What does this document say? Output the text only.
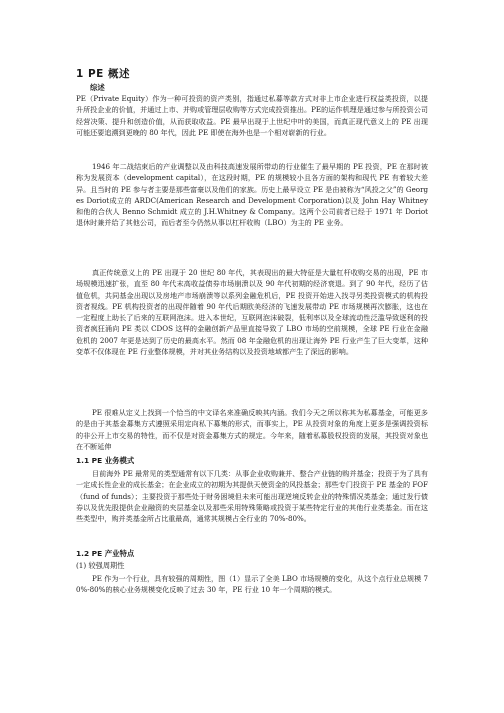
1 PE 概述
综述
PE（Private Equity）作为一种可投资的资产类别，指通过私募等款方式对非上市企业进行权益类投资，以提升所投企业的价值，并通过上市、并购或管理层收购等方式完成投资推出。PE的运作机理是通过参与所投资公司经营决策、提升和创造价值，从而获取收益。PE 最早出现于上世纪中叶的美国，而真正现代意义上的 PE 出现可能还要追溯到更晚的 80 年代，因此 PE 即使在海外也是一个相对崭新的行业。
1946 年二战结束后的产业调整以及由科技高速发展所带动的行业催生了最早期的 PE 投资，PE 在那时被称为发展资本（development capital），在这段时期，PE 的规模较小且各方面的架构和现代 PE 有着较大差异。且当时的 PE 参与者主要是那些富豪以及他们的家族。历史上最早设立 PE 是由被称为“风投之父”的 Georges Doriot成立的 ARDC(American Research and Development Corporation)以及 John Hay Whitney和他的合伙人 Benno Schmidt 成立的 J.H.Whitney & Company。这两个公司前者已经于 1971 年 Doriot 退休时兼并给了其他公司，而后者至今仍然从事以杠杆收购（LBO）为主的 PE 业务。
真正传统意义上的 PE 出现于 20 世纪 80 年代，其表现出的最大特征是大量杠杆收购交易的出现，PE 市场规模迅速扩张，直至 80 年代末高收益债券市场崩溃以及 90 年代初期的经济衰退。到了 90 年代，经历了估值危机，共同基金出现以及房地产市场崩溃等以系列金融危机后，PE 投资开始进入找寻另类投资模式的机构投资者视线。PE 机构投资者的出现伴随着 90 年代后期欧美经济的飞速发展带动 PE 市场规模再次膨胀，这也在一定程度上助长了后来的互联网泡沫。进入本世纪，互联网泡沫破裂，低利率以及全球流动性泛滥导致逐利的投资者疯狂涌向 PE 类以 CDOS 这样的金融创新产品里直接导致了 LBO 市场的空前规模，全球 PE 行业在金融危机的 2007 年更是达到了历史的最高水平。然而 08 年金融危机的出现让海外 PE 行业产生了巨大变革，这种变革不仅体现在 PE 行业整体规模，并对其业务结构以及投资地域都产生了深远的影响。
PE 很难从定义上找到一个恰当的中文译名来准确反映其内涵。我们今天之所以称其为私募基金，可能更多的是由于其基金募集方式遵照采用定向私下募集的形式，而事实上，PE 从投资对象的角度上更多是强调投资标的非公开上市交易的特性，而不仅是对资金募集方式的规定。今年来，随着私募股权投资的发展，其投资对象也在不断延伸
1.1 PE 业务模式
目前海外 PE 最常见的类型通常有以下几类：从事企业收购兼并、整合产业链的购并基金；投资于为了具有一定成长性企业的成长基金；在企业成立的初期为其提供天使资金的风投基金；那些专门投资于 PE 基金的 FOF（fund of funds）；主要投资于那些处于财务困境但未来可能出现逆境反转企业的特殊情况类基金；通过发行债券以及优先股提供企业融资的夹层基金以及那些采用特殊策略或投资于某些特定行业的其他行业类基金。而在这些类型中，购并类基金所占比重最高，通常其规模占全行业的 70%-80%。
1.2 PE 产业特点
(1) 较强周期性
PE 作为一个行业，具有较强的周期性，图（1）显示了全美 LBO 市场规模的变化，从这个点行业总规模 70%-80%的核心业务规模变化反映了过去 30 年，PE 行业 10 年一个周期的模式。
